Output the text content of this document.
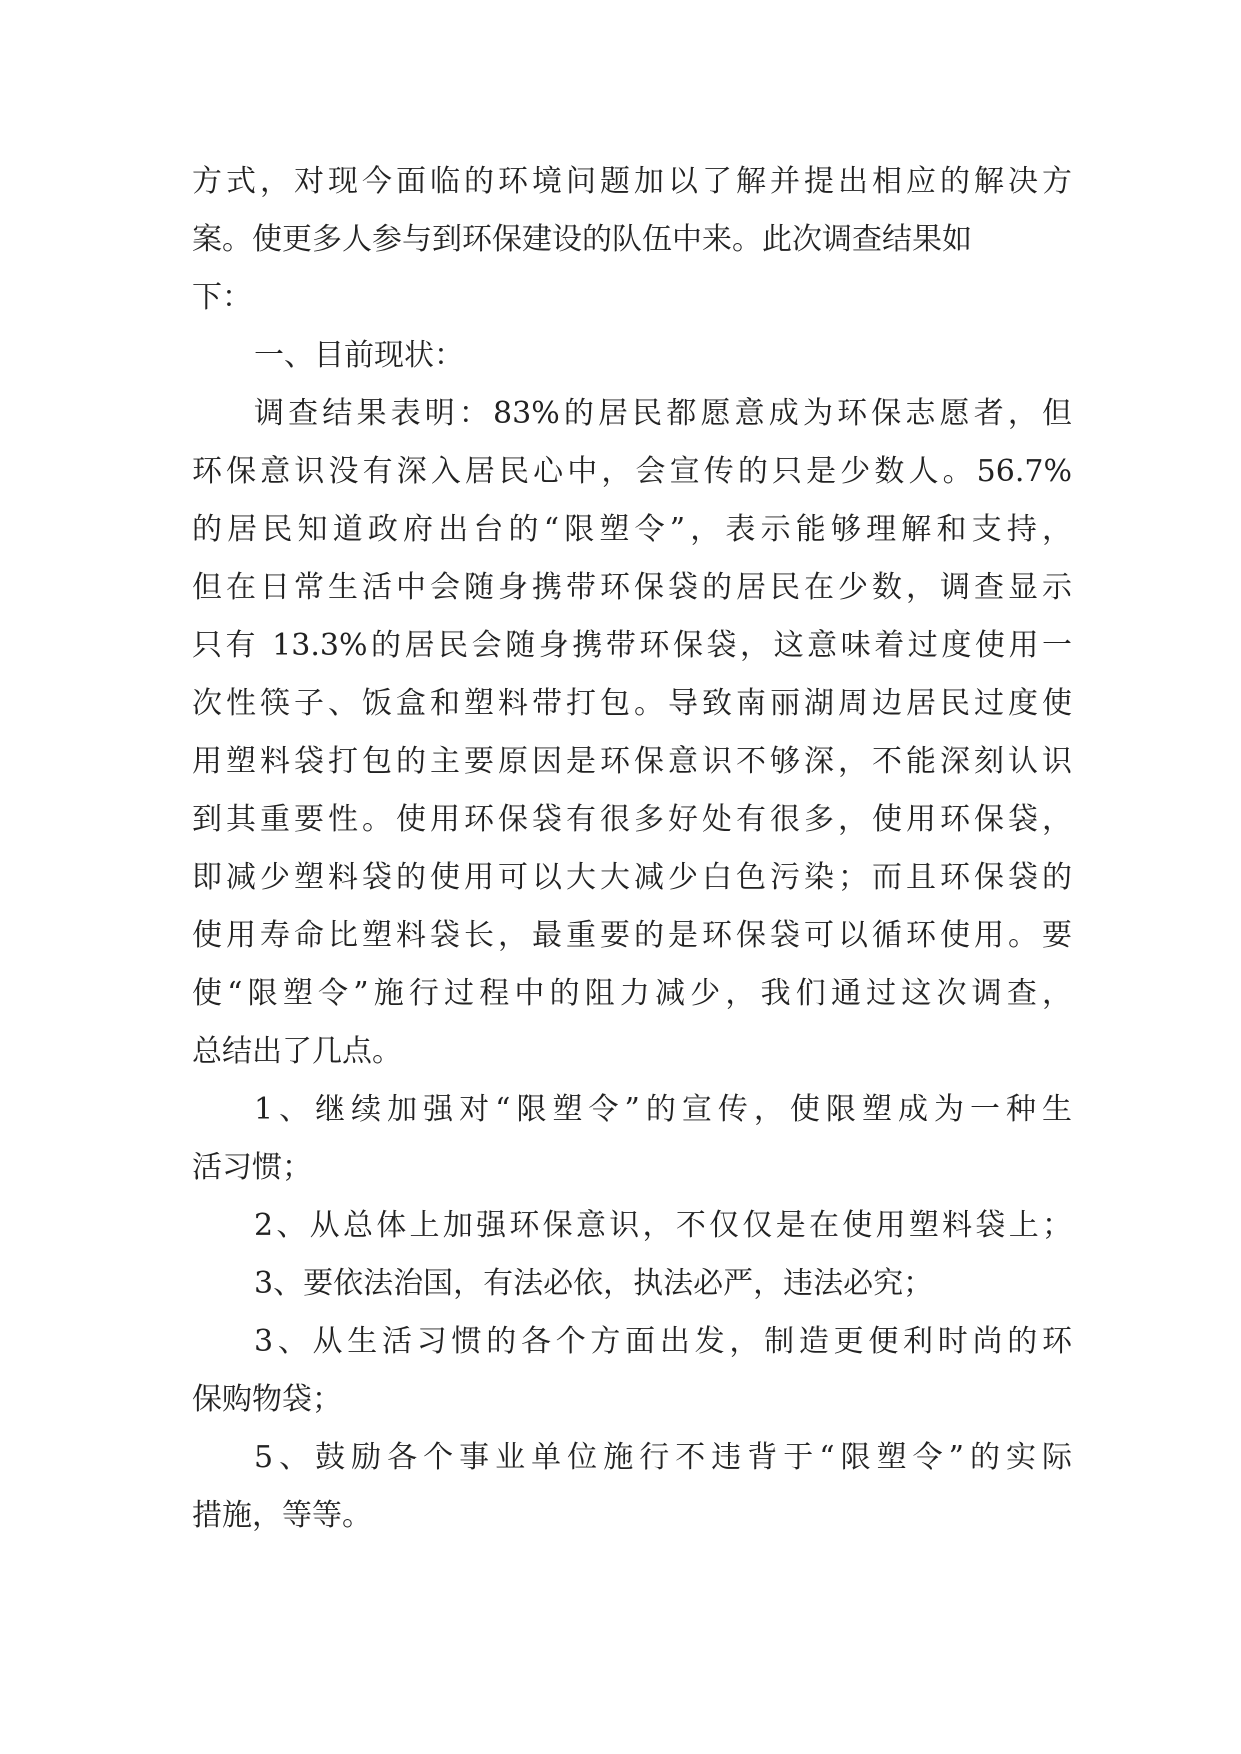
方式，对现今面临的环境问题加以了解并提出相应的解决方
案。使更多人参与到环保建设的队伍中来。此次调查结果如
下：
一、目前现状：
调查结果表明：83%的居民都愿意成为环保志愿者，但
环保意识没有深入居民心中，会宣传的只是少数人。56.7%
的居民知道政府出台的“限塑令”，表示能够理解和支持，
但在日常生活中会随身携带环保袋的居民在少数，调查显示
只有 13.3%的居民会随身携带环保袋，这意味着过度使用一
次性筷子、饭盒和塑料带打包。导致南丽湖周边居民过度使
用塑料袋打包的主要原因是环保意识不够深，不能深刻认识
到其重要性。使用环保袋有很多好处有很多，使用环保袋，
即减少塑料袋的使用可以大大减少白色污染；而且环保袋的
使用寿命比塑料袋长，最重要的是环保袋可以循环使用。要
使“限塑令”施行过程中的阻力减少，我们通过这次调查，
总结出了几点。
1、继续加强对“限塑令”的宣传，使限塑成为一种生
活习惯；
2、从总体上加强环保意识，不仅仅是在使用塑料袋上；
3、要依法治国，有法必依，执法必严，违法必究；
3、从生活习惯的各个方面出发，制造更便利时尚的环
保购物袋；
5、鼓励各个事业单位施行不违背于“限塑令”的实际
措施，等等。
